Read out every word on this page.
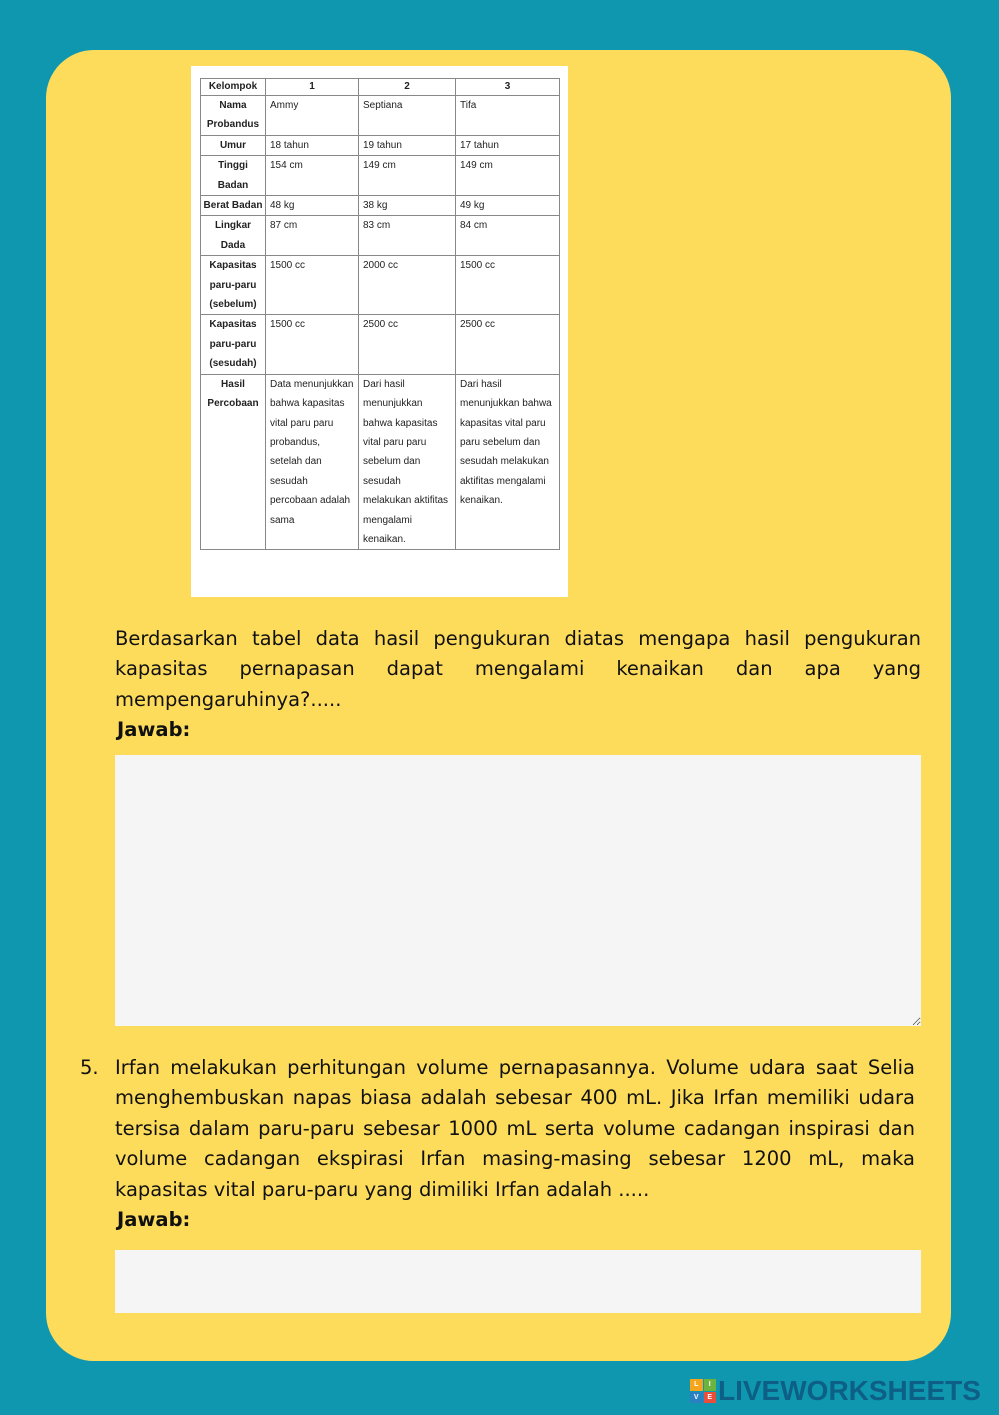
Kelompok	1	2	3
Nama Probandus	Ammy	Septiana	Tifa
Umur	18 tahun	19 tahun	17 tahun
Tinggi Badan	154 cm	149 cm	149 cm
Berat Badan	48 kg	38 kg	49 kg
Lingkar Dada	87 cm	83 cm	84 cm
Kapasitas paru-paru (sebelum)	1500 cc	2000 cc	1500 cc
Kapasitas paru-paru (sesudah)	1500 cc	2500 cc	2500 cc
Hasil Percobaan	Data menunjukkan bahwa kapasitas vital paru paru probandus, setelah dan sesudah percobaan adalah sama	Dari hasil menunjukkan bahwa kapasitas vital paru paru sebelum dan sesudah melakukan aktifitas mengalami kenaikan.	Dari hasil menunjukkan bahwa kapasitas vital paru paru sebelum dan sesudah melakukan aktifitas mengalami kenaikan.
Berdasarkan tabel data hasil pengukuran diatas mengapa hasil pengukuran kapasitas pernapasan dapat mengalami kenaikan dan apa yang mempengaruhinya?.....
Jawab:
5. Irfan melakukan perhitungan volume pernapasannya. Volume udara saat Selia menghembuskan napas biasa adalah sebesar 400 mL. Jika Irfan memiliki udara tersisa dalam paru-paru sebesar 1000 mL serta volume cadangan inspirasi dan volume cadangan ekspirasi Irfan masing-masing sebesar 1200 mL, maka kapasitas vital paru-paru yang dimiliki Irfan adalah .....
Jawab:
L	I
V	E LIVEWORKSHEETS
